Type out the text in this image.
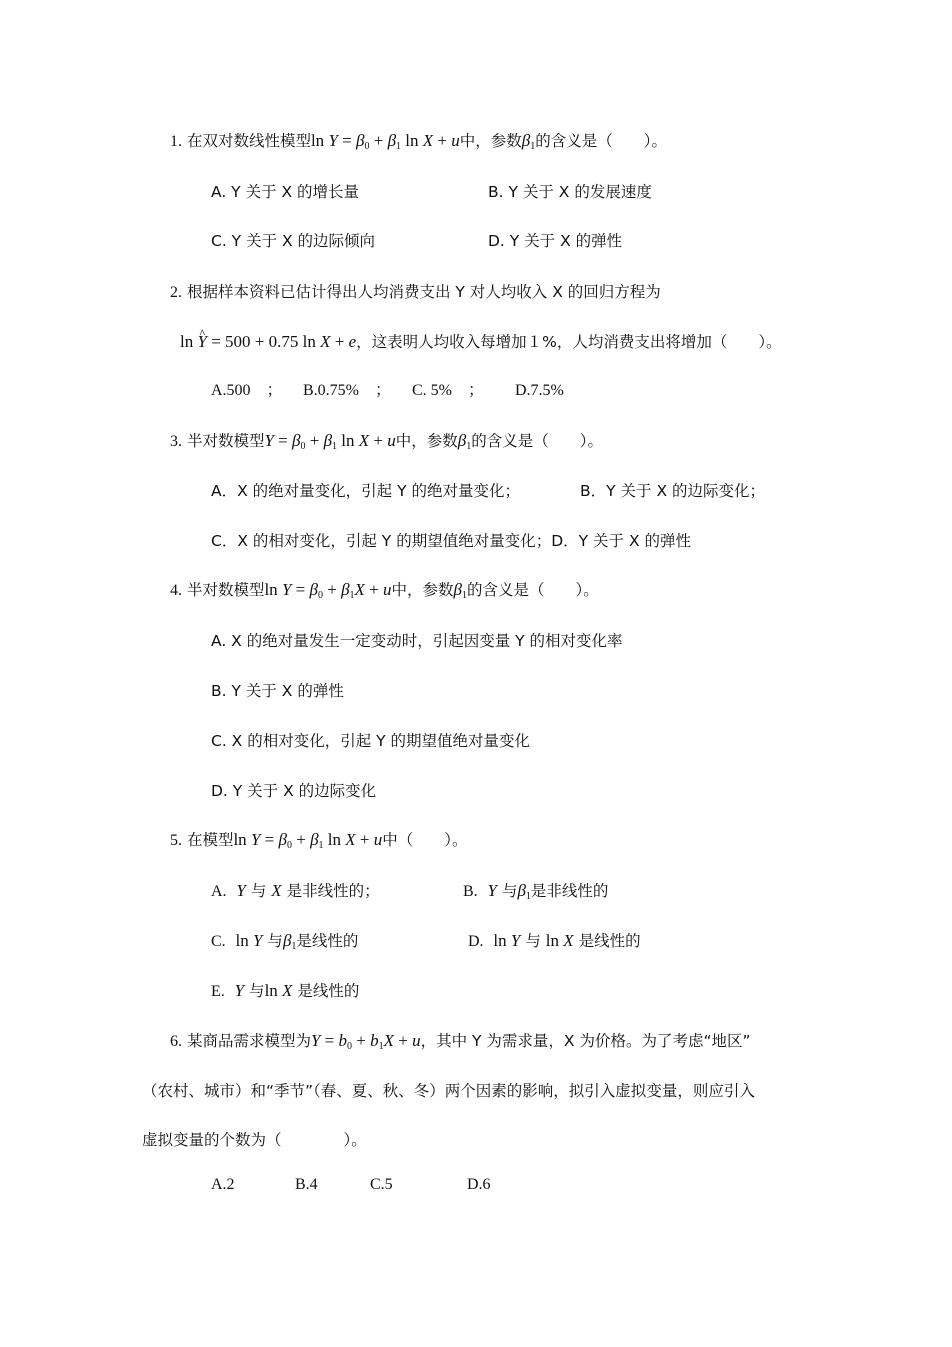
1. 在双对数线性模型$\ln Y = \beta_0 + \beta_1$ ln X + u中，参数$\beta_1$的含义是（　　）。
A. Y 关于 X 的增长量	B. Y 关于 X 的发展速度
C. Y 关于 X 的边际倾向	D. Y 关于 X 的弹性
2. 根据样本资料已估计得出人均消费支出 Y 对人均收入 X 的回归方程为
ln ^ Y = 500 + 0.75 ln X + e，这表明人均收入每增加１%，人均消费支出将增加（　　）。
A.500　； B.0.75%　； C. 5%　； D.7.5%
3. 半对数模型$Y = \beta_0 + \beta_1$ ln X + u中，参数$\beta_1$的含义是（　　）。
A．X 的绝对量变化，引起 Y 的绝对量变化；	B．Y 关于 X 的边际变化；
C．X 的相对变化，引起 Y 的期望值绝对量变化；D．Y 关于 X 的弹性
4. 半对数模型$\ln Y = \beta_0 + \beta_1X + u$中，参数$\beta_1$的含义是（　　）。
A. X 的绝对量发生一定变动时，引起因变量 Y 的相对变化率
B. Y 关于 X 的弹性
C. X 的相对变化，引起 Y 的期望值绝对量变化
D. Y 关于 X 的边际变化
5. 在模型$\ln Y = \beta_0 + \beta_1$ ln X + u中（　　）。
A. Y 与 X 是非线性的；	B. Y 与$\beta_1$是非线性的
C. ln Y 与$\beta_1$是线性的	D. ln Y 与 ln X 是线性的
E. Y 与ln X 是线性的
6. 某商品需求模型为$Y = b_0 + b_1X + u$，其中 Y 为需求量，X 为价格。为了考虑“地区”
（农村、城市）和“季节”（春、夏、秋、冬）两个因素的影响，拟引入虚拟变量，则应引入
虚拟变量的个数为（　　　　）。
A.2	B.4	C.5	D.6
